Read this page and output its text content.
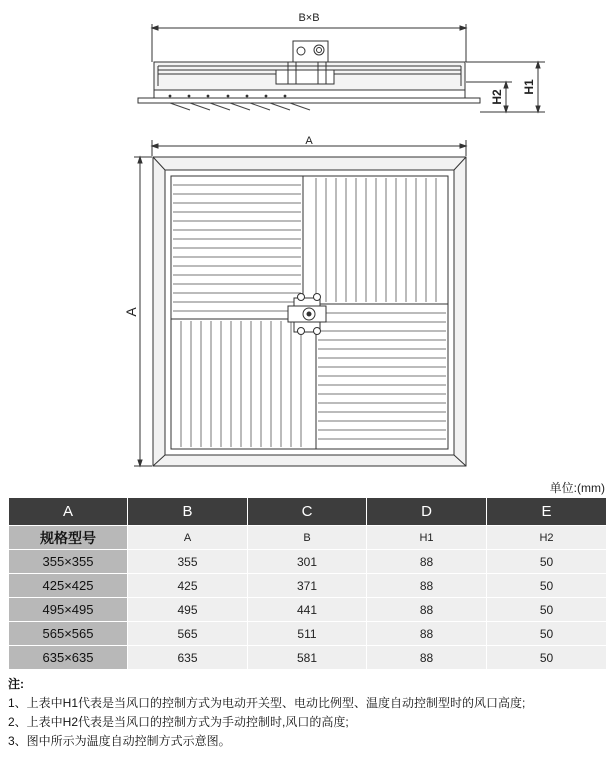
B×B
H1
H2
A
A
单位:(mm)
A	B	C	D	E
规格型号	A	B	H1	H2
355×355	355	301	88	50
425×425	425	371	88	50
495×495	495	441	88	50
565×565	565	511	88	50
635×635	635	581	88	50
注:
1、上表中H1代表是当风口的控制方式为电动开关型、电动比例型、温度自动控制型时的风口高度;
2、上表中H2代表是当风口的控制方式为手动控制时,风口的高度;
3、图中所示为温度自动控制方式示意图。
